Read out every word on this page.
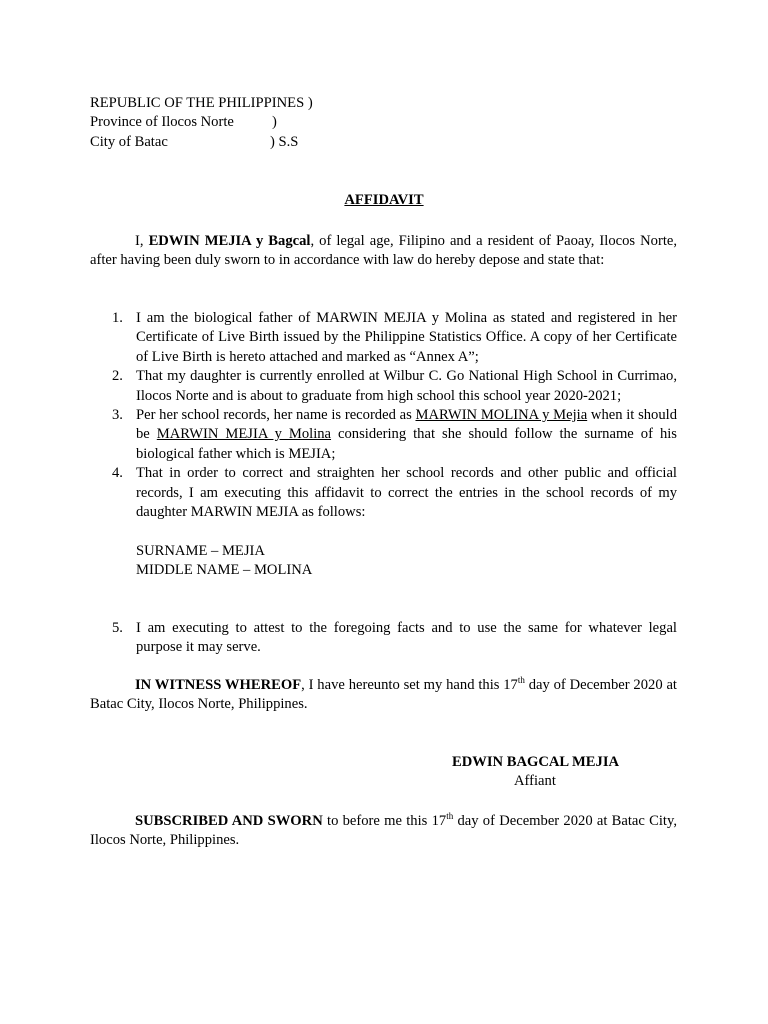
REPUBLIC OF THE PHILIPPINES )
Province of Ilocos Norte	)
City of Batac	) S.S
AFFIDAVIT
I, EDWIN MEJIA y Bagcal, of legal age, Filipino and a resident of Paoay, Ilocos Norte, after having been duly sworn to in accordance with law do hereby depose and state that:
1. I am the biological father of MARWIN MEJIA y Molina as stated and registered in her Certificate of Live Birth issued by the Philippine Statistics Office. A copy of her Certificate of Live Birth is hereto attached and marked as “Annex A”;
2. That my daughter is currently enrolled at Wilbur C. Go National High School in Currimao, Ilocos Norte and is about to graduate from high school this school year 2020-2021;
3. Per her school records, her name is recorded as MARWIN MOLINA y Mejia when it should be MARWIN MEJIA y Molina considering that she should follow the surname of his biological father which is MEJIA;
4. That in order to correct and straighten her school records and other public and official records, I am executing this affidavit to correct the entries in the school records of my daughter MARWIN MEJIA as follows:
SURNAME – MEJIA
MIDDLE NAME – MOLINA
5. I am executing to attest to the foregoing facts and to use the same for whatever legal purpose it may serve.
IN WITNESS WHEREOF, I have hereunto set my hand this 17th day of December 2020 at Batac City, Ilocos Norte, Philippines.
EDWIN BAGCAL MEJIA
Affiant
SUBSCRIBED AND SWORN to before me this 17th day of December 2020 at Batac City, Ilocos Norte, Philippines.
